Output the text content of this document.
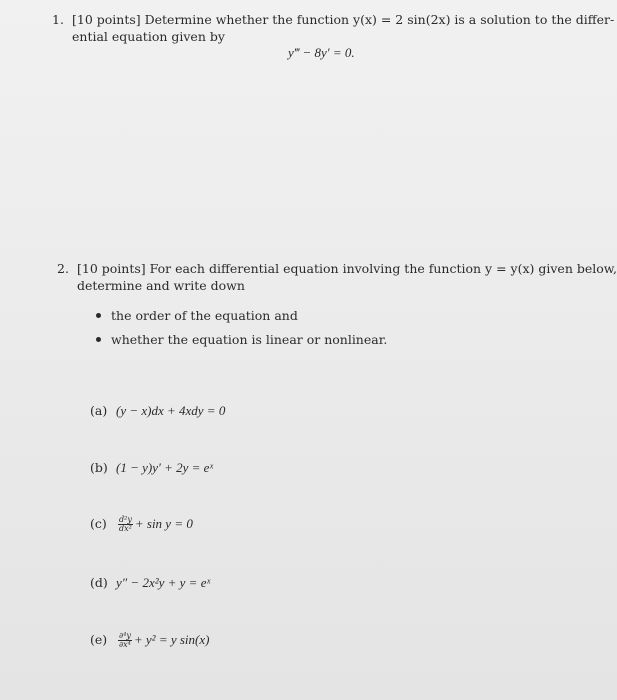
1. [10 points] Determine whether the function y(x) = 2 sin(2x) is a solution to the differ-
ential equation given by
y‴ − 8y′ = 0.
2. [10 points] For each differential equation involving the function y = y(x) given below,
determine and write down
the order of the equation and
whether the equation is linear or nonlinear.
(a) (y − x)dx + 4xdy = 0
(b) (1 − y)y′ + 2y = eˣ
$(c) \frac{\text{d²y}}{\text{dx²}} + \sin y = 0$
(d) y″ − 2x²y + y = eˣ
$(e) \frac{\text{∂⁴y}}{\text{∂x⁴}} + y^2 = y$ sin(x)
